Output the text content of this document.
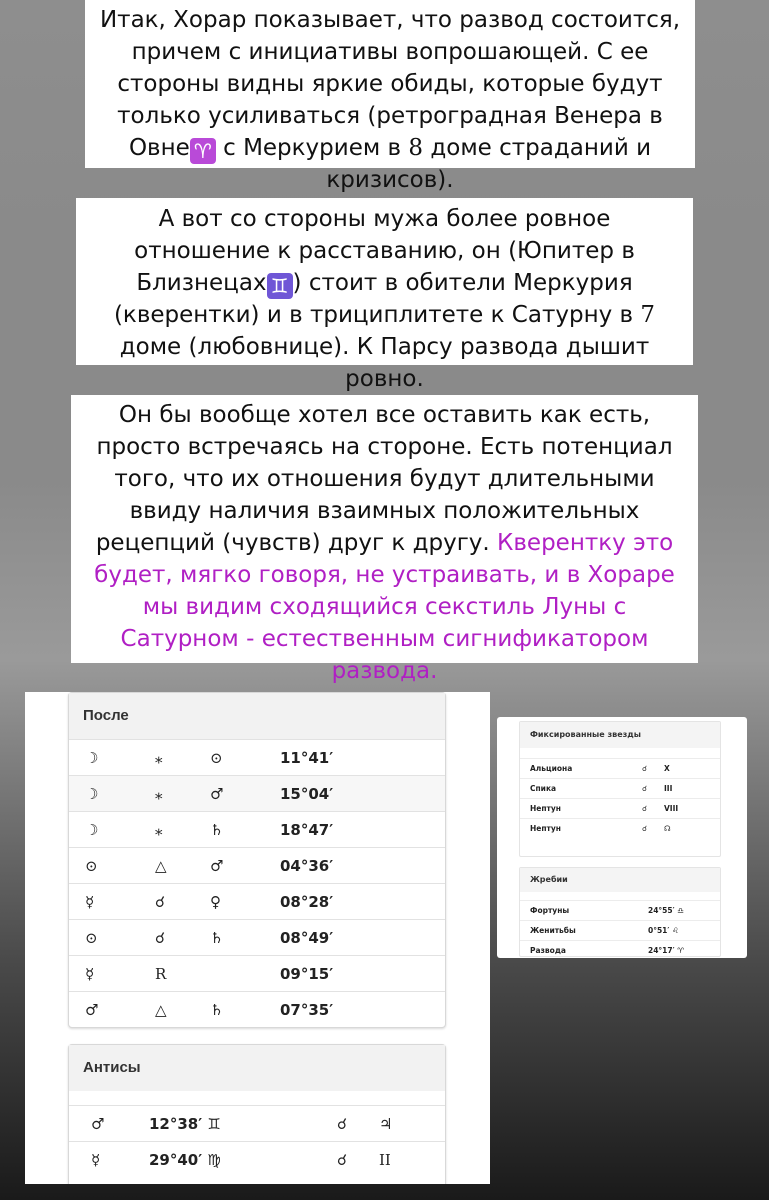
Итак, Хорар показывает, что развод состоится, причем с инициативы вопрошающей. С ее стороны видны яркие обиды, которые будут только усиливаться (ретроградная Венера в Овне ♈ с Меркурием в 8 доме страданий и кризисов).
А вот со стороны мужа более ровное отношение к расставанию, он (Юпитер в Близнецах ♊ ) стоит в обители Меркурия (кверентки) и в трициплитете к Сатурну в 7 доме (любовнице). К Парсу развода дышит ровно.
Он бы вообще хотел все оставить как есть, просто встречаясь на стороне. Есть потенциал того, что их отношения будут длительными ввиду наличия взаимных положительных рецепций (чувств) друг к другу. Кверентку это будет, мягко говоря, не устраивать, и в Хораре мы видим сходящийся секстиль Луны с Сатурном - естественным сигнификатором развода.
После
☽	⁎	⊙	11°41′
☽	⁎	♂	15°04′
☽	⁎	♄	18°47′
⊙	△	♂	04°36′
☿	☌	♀	08°28′
⊙	☌	♄	08°49′
☿	R		09°15′
♂	△	♄	07°35′
Антисы
♂	12°38′ ♊	☌	♃
☿	29°40′ ♍	☌	II
Фиксированные звезды
Альциона	☌	X
Спика	☌	III
Нептун	☌	VIII
Нептун	☌	☊
Жребии
Фортуны	24°55′ ♎
Женитьбы	0°51′ ♌
Развода	24°17′ ♈
